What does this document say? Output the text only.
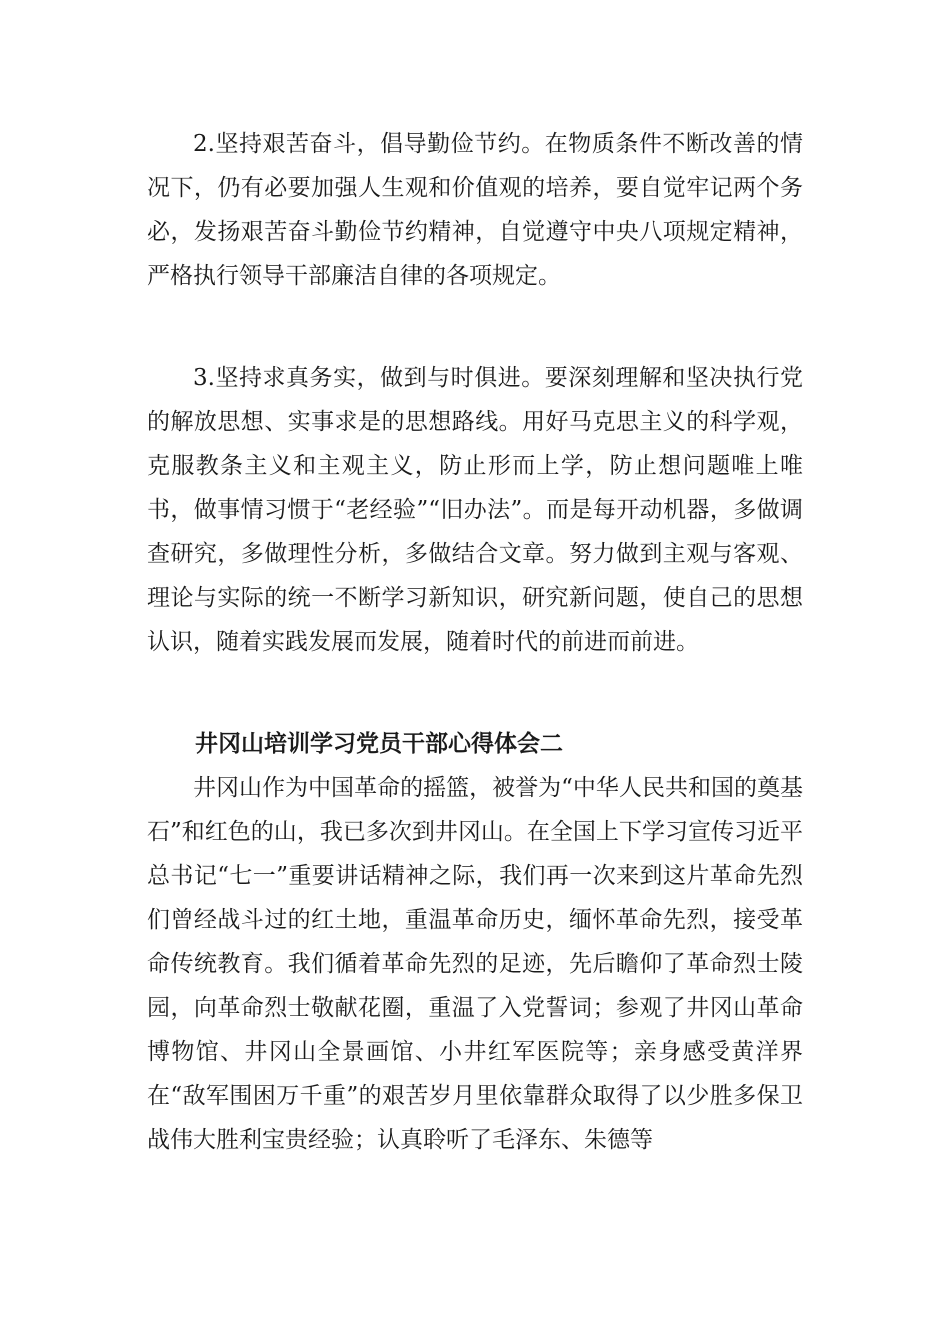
2.坚持艰苦奋斗，倡导勤俭节约。在物质条件不断改善的情况下，仍有必要加强人生观和价值观的培养，要自觉牢记两个务必，发扬艰苦奋斗勤俭节约精神，自觉遵守中央八项规定精神，严格执行领导干部廉洁自律的各项规定。

3.坚持求真务实，做到与时俱进。要深刻理解和坚决执行党的解放思想、实事求是的思想路线。用好马克思主义的科学观，克服教条主义和主观主义，防止形而上学，防止想问题唯上唯书，做事情习惯于“老经验”“旧办法”。而是每开动机器，多做调查研究，多做理性分析，多做结合文章。努力做到主观与客观、理论与实际的统一不断学习新知识，研究新问题，使自己的思想认识，随着实践发展而发展，随着时代的前进而前进。

井冈山培训学习党员干部心得体会二

井冈山作为中国革命的摇篮，被誉为“中华人民共和国的奠基石”和红色的山，我已多次到井冈山。在全国上下学习宣传习近平总书记“七一”重要讲话精神之际，我们再一次来到这片革命先烈们曾经战斗过的红土地，重温革命历史，缅怀革命先烈，接受革命传统教育。我们循着革命先烈的足迹，先后瞻仰了革命烈士陵园，向革命烈士敬献花圈，重温了入党誓词；参观了井冈山革命博物馆、井冈山全景画馆、小井红军医院等；亲身感受黄洋界在“敌军围困万千重”的艰苦岁月里依靠群众取得了以少胜多保卫战伟大胜利宝贵经验；认真聆听了毛泽东、朱德等
